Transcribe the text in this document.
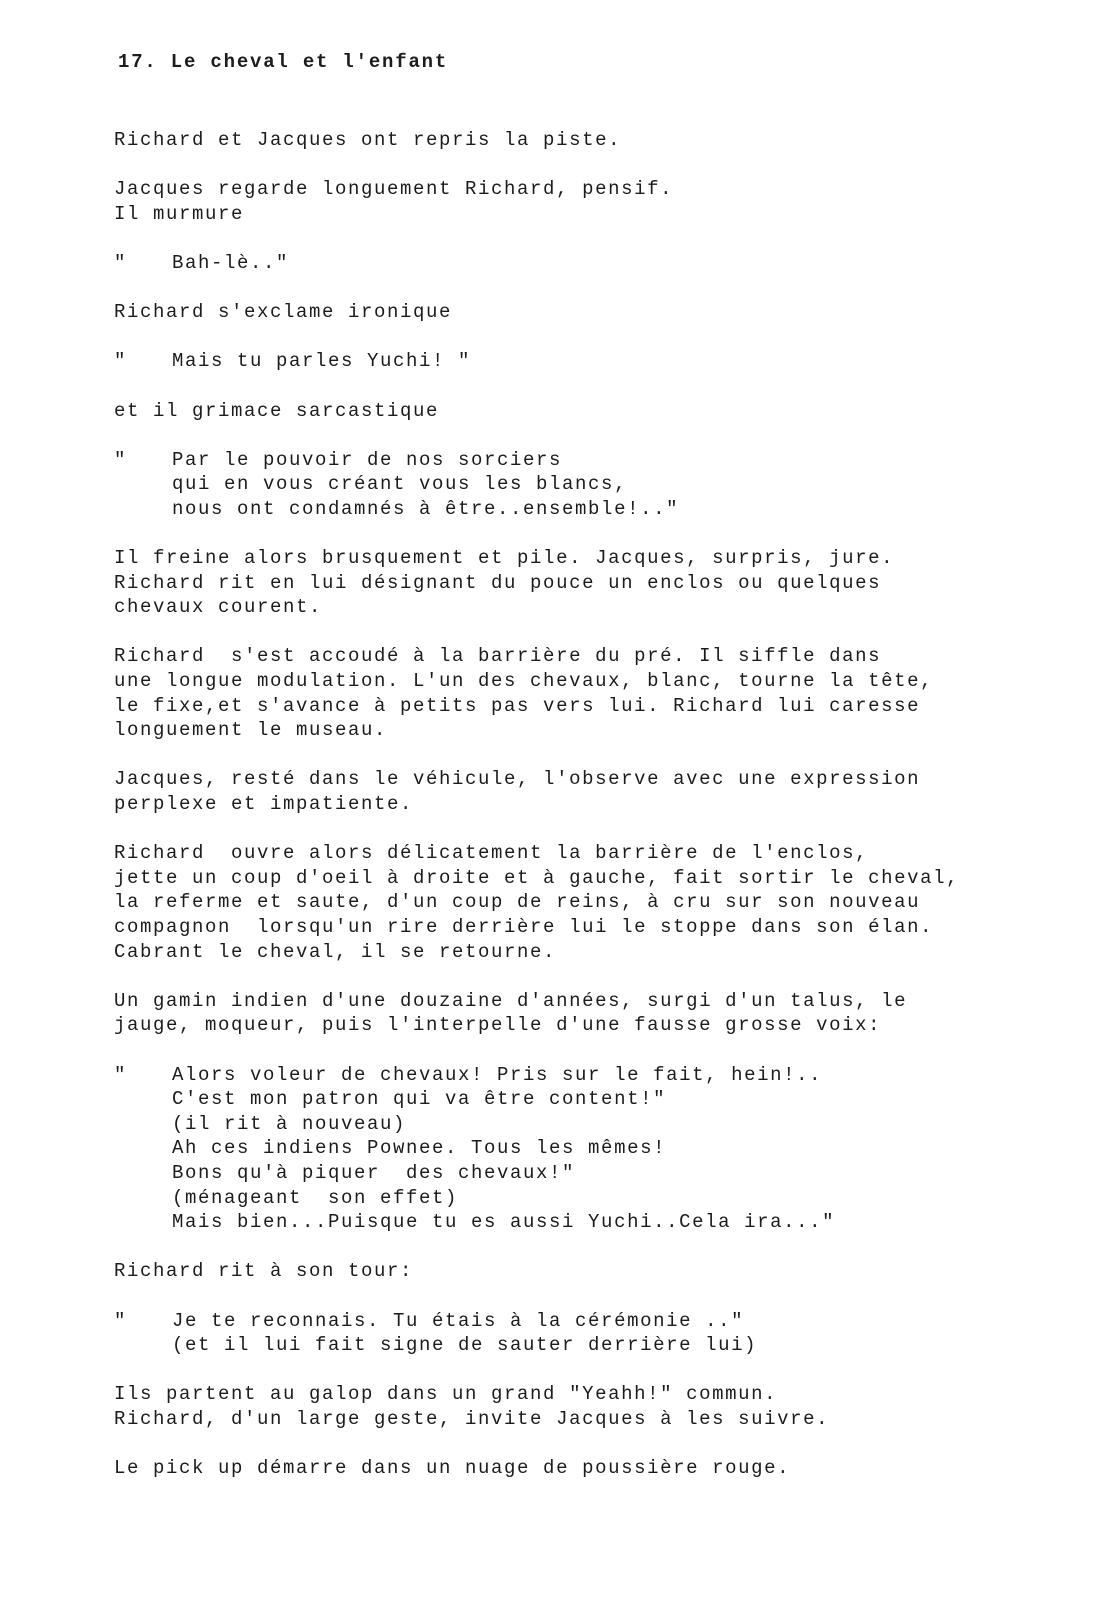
17. Le cheval et l'enfant
Richard et Jacques ont repris la piste.
Jacques regarde longuement Richard, pensif.
Il murmure
" Bah-lè.."
Richard s'exclame ironique
" Mais tu parles Yuchi! "
et il grimace sarcastique
" Par le pouvoir de nos sorciers
qui en vous créant vous les blancs,
nous ont condamnés à être..ensemble!.."
Il freine alors brusquement et pile. Jacques, surpris, jure.
Richard rit en lui désignant du pouce un enclos ou quelques
chevaux courent.
Richard  s'est accoudé à la barrière du pré. Il siffle dans
une longue modulation. L'un des chevaux, blanc, tourne la tête,
le fixe,et s'avance à petits pas vers lui. Richard lui caresse
longuement le museau.
Jacques, resté dans le véhicule, l'observe avec une expression
perplexe et impatiente.
Richard  ouvre alors délicatement la barrière de l'enclos,
jette un coup d'oeil à droite et à gauche, fait sortir le cheval,
la referme et saute, d'un coup de reins, à cru sur son nouveau
compagnon  lorsqu'un rire derrière lui le stoppe dans son élan.
Cabrant le cheval, il se retourne.
Un gamin indien d'une douzaine d'années, surgi d'un talus, le
jauge, moqueur, puis l'interpelle d'une fausse grosse voix:
" Alors voleur de chevaux! Pris sur le fait, hein!..
C'est mon patron qui va être content!"
(il rit à nouveau)
Ah ces indiens Pownee. Tous les mêmes!
Bons qu'à piquer  des chevaux!"
(ménageant  son effet)
Mais bien...Puisque tu es aussi Yuchi..Cela ira..."
Richard rit à son tour:
" Je te reconnais. Tu étais à la cérémonie .."
(et il lui fait signe de sauter derrière lui)
Ils partent au galop dans un grand "Yeahh!" commun.
Richard, d'un large geste, invite Jacques à les suivre.
Le pick up démarre dans un nuage de poussière rouge.
